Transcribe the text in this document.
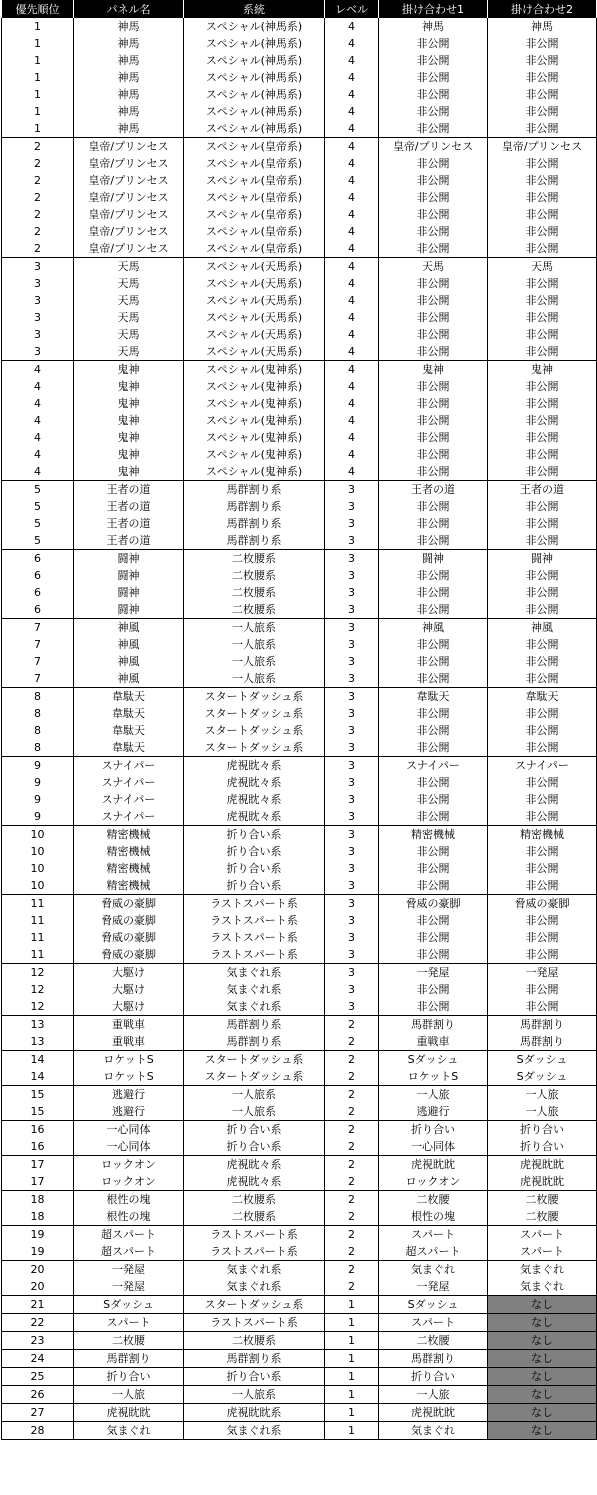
優先順位	パネル名	系統	レベル	掛け合わせ1	掛け合わせ2
1	神馬	スペシャル(神馬系)	4	神馬	神馬
1	神馬	スペシャル(神馬系)	4	非公開	非公開
1	神馬	スペシャル(神馬系)	4	非公開	非公開
1	神馬	スペシャル(神馬系)	4	非公開	非公開
1	神馬	スペシャル(神馬系)	4	非公開	非公開
1	神馬	スペシャル(神馬系)	4	非公開	非公開
1	神馬	スペシャル(神馬系)	4	非公開	非公開
2	皇帝/プリンセス	スペシャル(皇帝系)	4	皇帝/プリンセス	皇帝/プリンセス
2	皇帝/プリンセス	スペシャル(皇帝系)	4	非公開	非公開
2	皇帝/プリンセス	スペシャル(皇帝系)	4	非公開	非公開
2	皇帝/プリンセス	スペシャル(皇帝系)	4	非公開	非公開
2	皇帝/プリンセス	スペシャル(皇帝系)	4	非公開	非公開
2	皇帝/プリンセス	スペシャル(皇帝系)	4	非公開	非公開
2	皇帝/プリンセス	スペシャル(皇帝系)	4	非公開	非公開
3	天馬	スペシャル(天馬系)	4	天馬	天馬
3	天馬	スペシャル(天馬系)	4	非公開	非公開
3	天馬	スペシャル(天馬系)	4	非公開	非公開
3	天馬	スペシャル(天馬系)	4	非公開	非公開
3	天馬	スペシャル(天馬系)	4	非公開	非公開
3	天馬	スペシャル(天馬系)	4	非公開	非公開
4	鬼神	スペシャル(鬼神系)	4	鬼神	鬼神
4	鬼神	スペシャル(鬼神系)	4	非公開	非公開
4	鬼神	スペシャル(鬼神系)	4	非公開	非公開
4	鬼神	スペシャル(鬼神系)	4	非公開	非公開
4	鬼神	スペシャル(鬼神系)	4	非公開	非公開
4	鬼神	スペシャル(鬼神系)	4	非公開	非公開
4	鬼神	スペシャル(鬼神系)	4	非公開	非公開
5	王者の道	馬群割り系	3	王者の道	王者の道
5	王者の道	馬群割り系	3	非公開	非公開
5	王者の道	馬群割り系	3	非公開	非公開
5	王者の道	馬群割り系	3	非公開	非公開
6	闘神	二枚腰系	3	闘神	闘神
6	闘神	二枚腰系	3	非公開	非公開
6	闘神	二枚腰系	3	非公開	非公開
6	闘神	二枚腰系	3	非公開	非公開
7	神風	一人旅系	3	神風	神風
7	神風	一人旅系	3	非公開	非公開
7	神風	一人旅系	3	非公開	非公開
7	神風	一人旅系	3	非公開	非公開
8	韋駄天	スタートダッシュ系	3	韋駄天	韋駄天
8	韋駄天	スタートダッシュ系	3	非公開	非公開
8	韋駄天	スタートダッシュ系	3	非公開	非公開
8	韋駄天	スタートダッシュ系	3	非公開	非公開
9	スナイパー	虎視眈々系	3	スナイパー	スナイパー
9	スナイパー	虎視眈々系	3	非公開	非公開
9	スナイパー	虎視眈々系	3	非公開	非公開
9	スナイパー	虎視眈々系	3	非公開	非公開
10	精密機械	折り合い系	3	精密機械	精密機械
10	精密機械	折り合い系	3	非公開	非公開
10	精密機械	折り合い系	3	非公開	非公開
10	精密機械	折り合い系	3	非公開	非公開
11	脅威の豪脚	ラストスパート系	3	脅威の豪脚	脅威の豪脚
11	脅威の豪脚	ラストスパート系	3	非公開	非公開
11	脅威の豪脚	ラストスパート系	3	非公開	非公開
11	脅威の豪脚	ラストスパート系	3	非公開	非公開
12	大駆け	気まぐれ系	3	一発屋	一発屋
12	大駆け	気まぐれ系	3	非公開	非公開
12	大駆け	気まぐれ系	3	非公開	非公開
13	重戦車	馬群割り系	2	馬群割り	馬群割り
13	重戦車	馬群割り系	2	重戦車	馬群割り
14	ロケットS	スタートダッシュ系	2	Sダッシュ	Sダッシュ
14	ロケットS	スタートダッシュ系	2	ロケットS	Sダッシュ
15	逃避行	一人旅系	2	一人旅	一人旅
15	逃避行	一人旅系	2	逃避行	一人旅
16	一心同体	折り合い系	2	折り合い	折り合い
16	一心同体	折り合い系	2	一心同体	折り合い
17	ロックオン	虎視眈々系	2	虎視眈眈	虎視眈眈
17	ロックオン	虎視眈々系	2	ロックオン	虎視眈眈
18	根性の塊	二枚腰系	2	二枚腰	二枚腰
18	根性の塊	二枚腰系	2	根性の塊	二枚腰
19	超スパート	ラストスパート系	2	スパート	スパート
19	超スパート	ラストスパート系	2	超スパート	スパート
20	一発屋	気まぐれ系	2	気まぐれ	気まぐれ
20	一発屋	気まぐれ系	2	一発屋	気まぐれ
21	Sダッシュ	スタートダッシュ系	1	Sダッシュ	なし
22	スパート	ラストスパート系	1	スパート	なし
23	二枚腰	二枚腰系	1	二枚腰	なし
24	馬群割り	馬群割り系	1	馬群割り	なし
25	折り合い	折り合い系	1	折り合い	なし
26	一人旅	一人旅系	1	一人旅	なし
27	虎視眈眈	虎視眈眈系	1	虎視眈眈	なし
28	気まぐれ	気まぐれ系	1	気まぐれ	なし
